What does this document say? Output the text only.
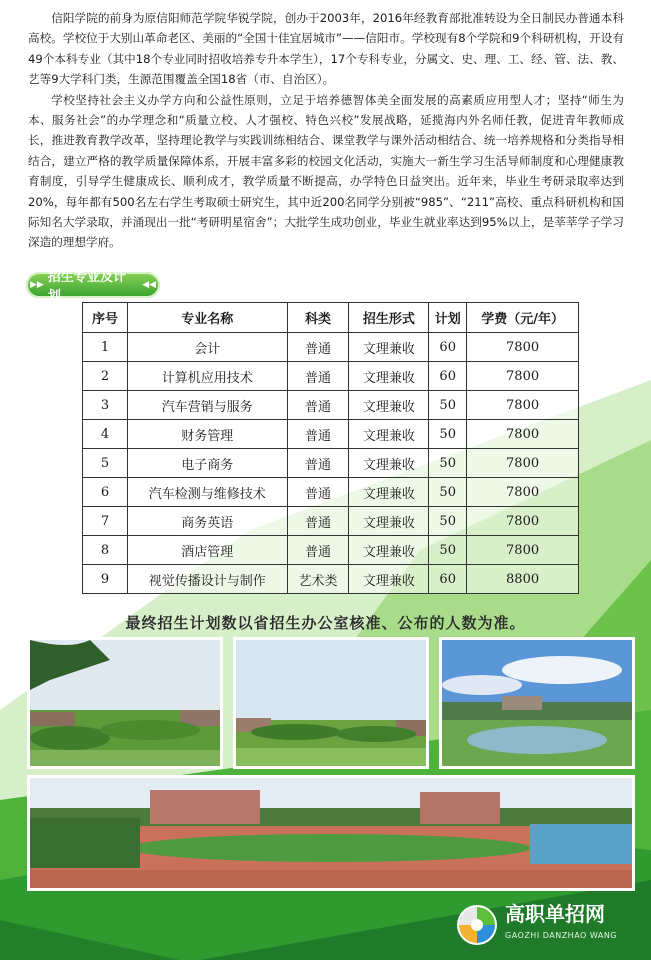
信阳学院的前身为原信阳师范学院华锐学院，创办于2003年，2016年经教育部批准转设为全日制民办普通本科高校。学校位于大别山革命老区、美丽的“全国十佳宜居城市”——信阳市。学校现有8个学院和9个科研机构，开设有49个本科专业（其中18个专业同时招收培养专升本学生），17个专科专业，分属文、史、理、工、经、管、法、教、艺等9大学科门类，生源范围覆盖全国18省（市、自治区）。

学校坚持社会主义办学方向和公益性原则，立足于培养德智体美全面发展的高素质应用型人才；坚持“师生为本、服务社会”的办学理念和“质量立校、人才强校、特色兴校”发展战略，延揽海内外名师任教，促进青年教师成长，推进教育教学改革，坚持理论教学与实践训练相结合、课堂教学与课外活动相结合、统一培养规格和分类指导相结合，建立严格的教学质量保障体系，开展丰富多彩的校园文化活动，实施大一新生学习生活导师制度和心理健康教育制度，引导学生健康成长、顺利成才，教学质量不断提高，办学特色日益突出。近年来，毕业生考研录取率达到20%，每年都有500名左右学生考取硕士研究生，其中近200名同学分别被“985”、“211”高校、重点科研机构和国际知名大学录取，并涌现出一批“考研明星宿舍”；大批学生成功创业，毕业生就业率达到95%以上，是莘莘学子学习深造的理想学府。

▶▶ 招生专业及计划
◀◀
序号	专业名称	科类	招生形式	计划	学费（元/年）
1	会计	普通	文理兼收	60	7800
2	计算机应用技术	普通	文理兼收	60	7800
3	汽车营销与服务	普通	文理兼收	50	7800
4	财务管理	普通	文理兼收	50	7800
5	电子商务	普通	文理兼收	50	7800
6	汽车检测与维修技术	普通	文理兼收	50	7800
7	商务英语	普通	文理兼收	50	7800
8	酒店管理	普通	文理兼收	50	7800
9	视觉传播设计与制作	艺术类	文理兼收	60	8800
最终招生计划数以省招生办公室核准、公布的人数为准。
高职单招网
GAOZHI DANZHAO WANG
